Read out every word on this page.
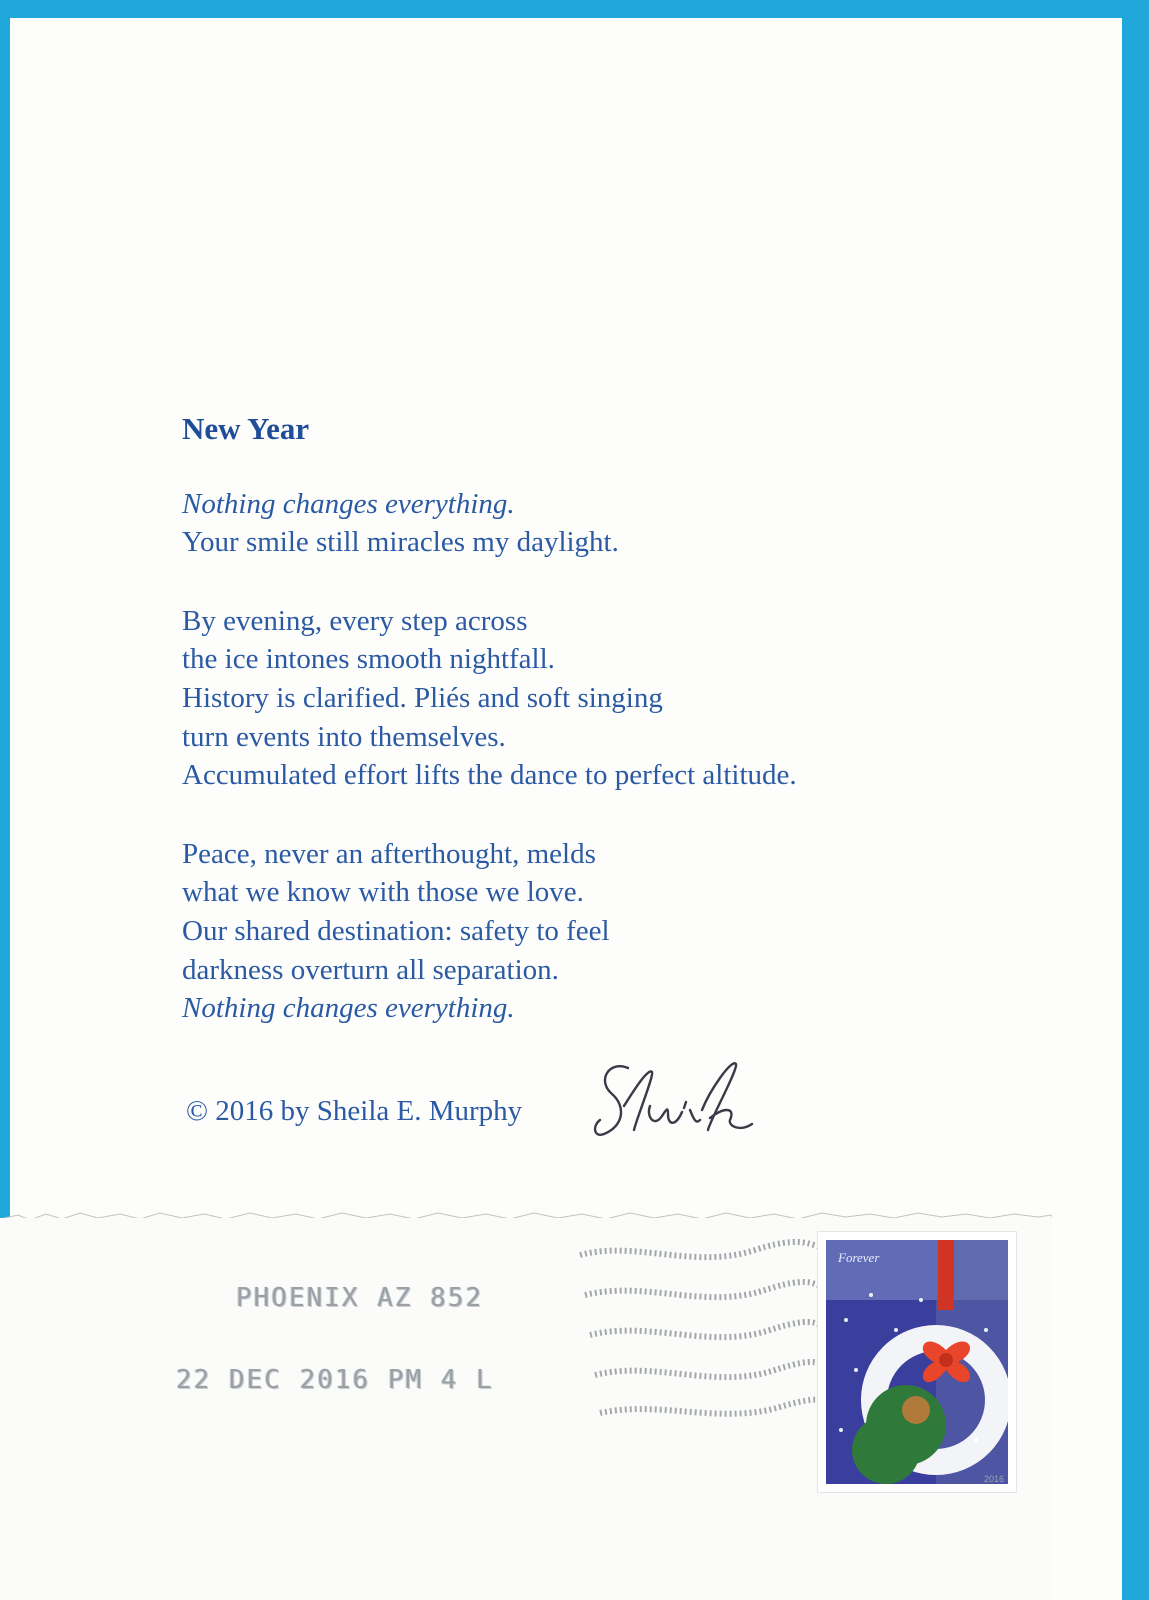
New Year
Nothing changes everything.
Your smile still miracles my daylight.
By evening, every step across
the ice intones smooth nightfall.
History is clarified. Pliés and soft singing
turn events into themselves.
Accumulated effort lifts the dance to perfect altitude.
Peace, never an afterthought, melds
what we know with those we love.
Our shared destination: safety to feel
darkness overturn all separation.
Nothing changes everything.
© 2016 by Sheila E. Murphy
PHOENIX AZ 852
22 DEC 2016 PM 4 L
Forever
2016
